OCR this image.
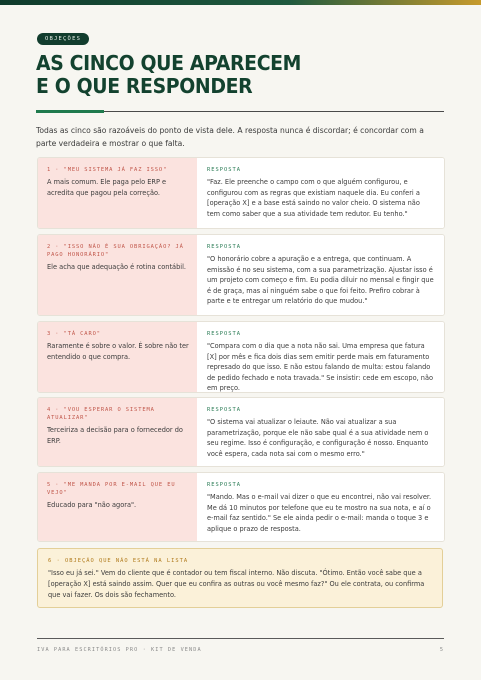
OBJEÇÕES
AS CINCO QUE APARECEM
E O QUE RESPONDER
Todas as cinco são razoáveis do ponto de vista dele. A resposta nunca é discordar; é concordar com a parte verdadeira e mostrar o que falta.
1 · "MEU SISTEMA JÁ FAZ ISSO"
A mais comum. Ele paga pelo ERP e acredita que pagou pela correção.
RESPOSTA
"Faz. Ele preenche o campo com o que alguém configurou, e configurou com as regras que existiam naquele dia. Eu conferi a [operação X] e a base está saindo no valor cheio. O sistema não tem como saber que a sua atividade tem redutor. Eu tenho."
2 · "ISSO NÃO É SUA OBRIGAÇÃO? JÁ PAGO HONORÁRIO"
Ele acha que adequação é rotina contábil.
RESPOSTA
"O honorário cobre a apuração e a entrega, que continuam. A emissão é no seu sistema, com a sua parametrização. Ajustar isso é um projeto com começo e fim. Eu podia diluir no mensal e fingir que é de graça, mas aí ninguém sabe o que foi feito. Prefiro cobrar à parte e te entregar um relatório do que mudou."
3 · "TÁ CARO"
Raramente é sobre o valor. É sobre não ter entendido o que compra.
RESPOSTA
"Compara com o dia que a nota não sai. Uma empresa que fatura [X] por mês e fica dois dias sem emitir perde mais em faturamento represado do que isso. E não estou falando de multa: estou falando de pedido fechado e nota travada." Se insistir: cede em escopo, não em preço.
4 · "VOU ESPERAR O SISTEMA ATUALIZAR"
Terceiriza a decisão para o fornecedor do ERP.
RESPOSTA
"O sistema vai atualizar o leiaute. Não vai atualizar a sua parametrização, porque ele não sabe qual é a sua atividade nem o seu regime. Isso é configuração, e configuração é nosso. Enquanto você espera, cada nota sai com o mesmo erro."
5 · "ME MANDA POR E-MAIL QUE EU VEJO"
Educado para "não agora".
RESPOSTA
"Mando. Mas o e-mail vai dizer o que eu encontrei, não vai resolver. Me dá 10 minutos por telefone que eu te mostro na sua nota, e aí o e-mail faz sentido." Se ele ainda pedir o e-mail: manda o toque 3 e aplique o prazo de resposta.
6 · OBJEÇÃO QUE NÃO ESTÁ NA LISTA
"Isso eu já sei." Vem do cliente que é contador ou tem fiscal interno. Não discuta. "Ótimo. Então você sabe que a [operação X] está saindo assim. Quer que eu confira as outras ou você mesmo faz?" Ou ele contrata, ou confirma que vai fazer. Os dois são fechamento.
IVA PARA ESCRITÓRIOS PRO · KIT DE VENDA	5
